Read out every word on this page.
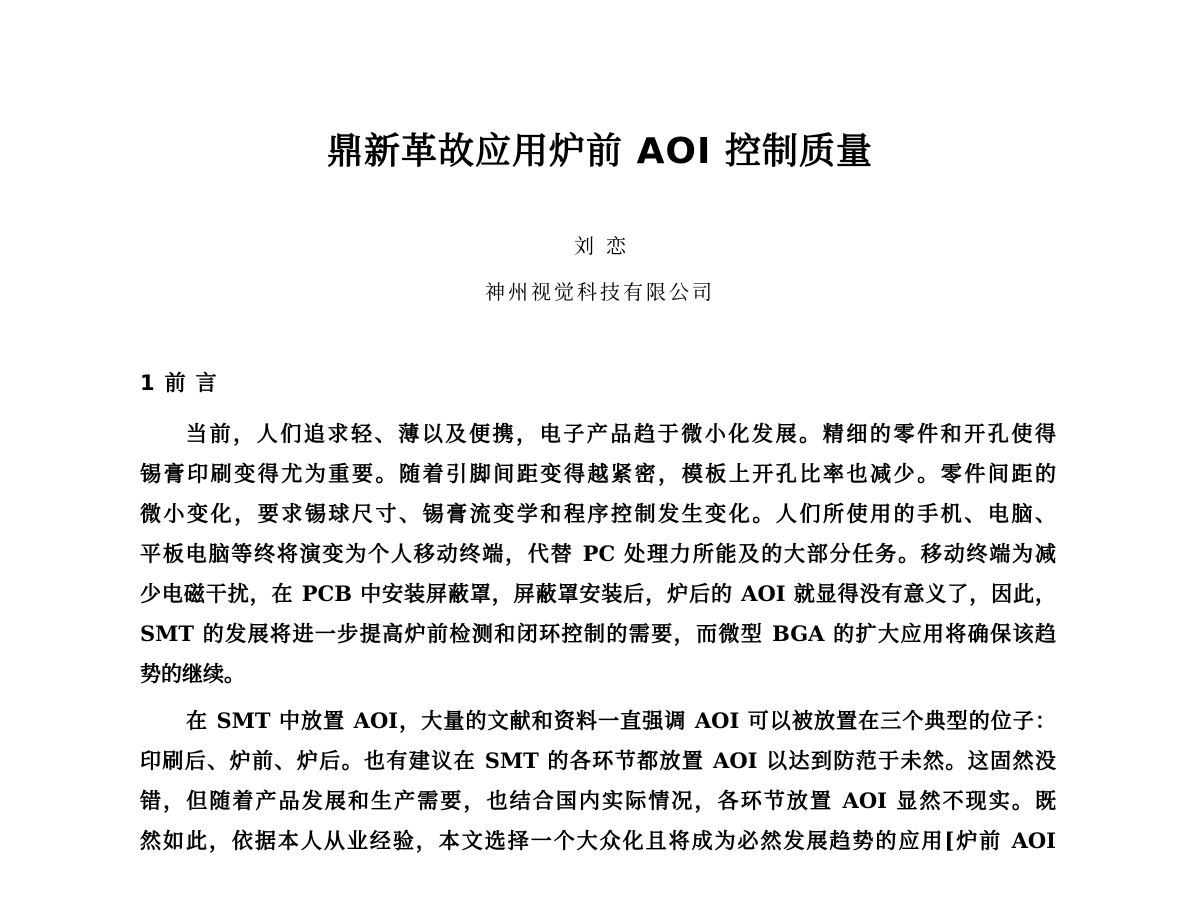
鼎新革故应用炉前 AOI 控制质量
刘恋
神州视觉科技有限公司
1 前言
当前，人们追求轻、薄以及便携，电子产品趋于微小化发展。精细的零件和开孔使得
锡膏印刷变得尤为重要。随着引脚间距变得越紧密，模板上开孔比率也减少。零件间距的
微小变化，要求锡球尺寸、锡膏流变学和程序控制发生变化。人们所使用的手机、电脑、
平板电脑等终将演变为个人移动终端，代替 PC 处理力所能及的大部分任务。移动终端为减
少电磁干扰，在 PCB 中安装屏蔽罩，屏蔽罩安装后，炉后的 AOI 就显得没有意义了，因此，
SMT 的发展将进一步提高炉前检测和闭环控制的需要，而微型 BGA 的扩大应用将确保该趋
势的继续。
在 SMT 中放置 AOI，大量的文献和资料一直强调 AOI 可以被放置在三个典型的位子：
印刷后、炉前、炉后。也有建议在 SMT 的各环节都放置 AOI 以达到防范于未然。这固然没
错，但随着产品发展和生产需要，也结合国内实际情况，各环节放置 AOI 显然不现实。既
然如此，依据本人从业经验，本文选择一个大众化且将成为必然发展趋势的应用[炉前 AOI
